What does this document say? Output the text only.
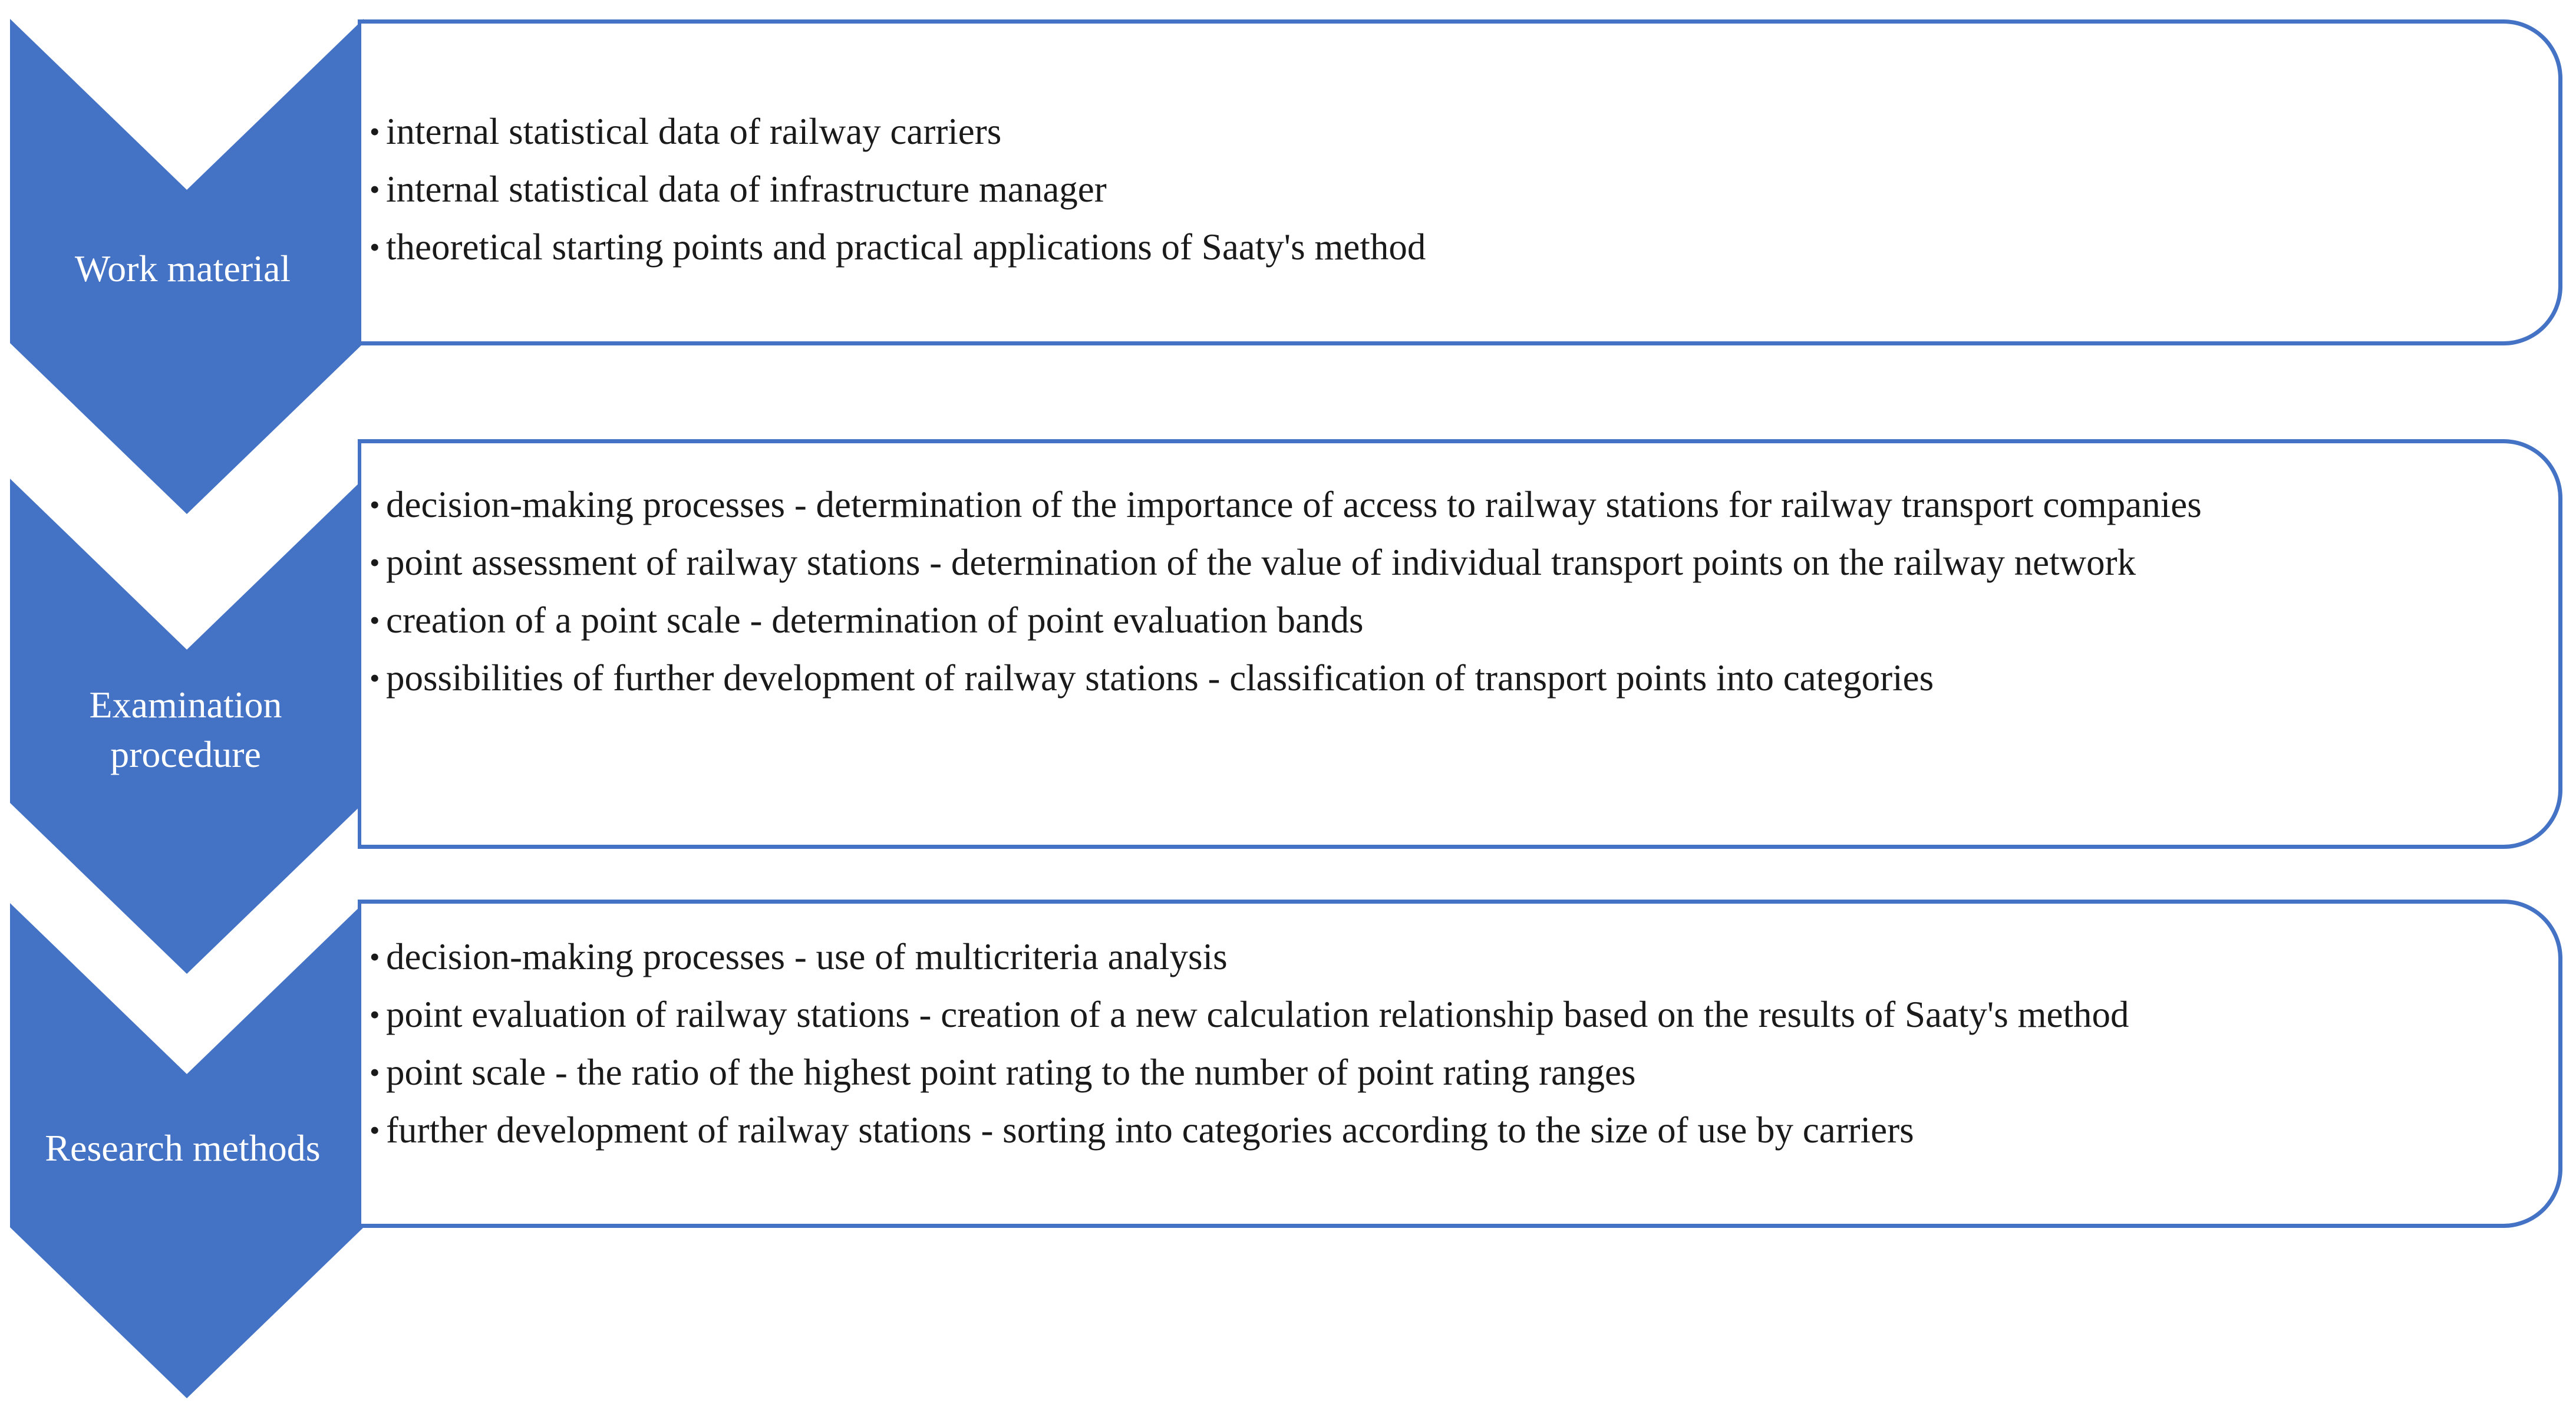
Work material
• internal statistical data of railway carriers
• internal statistical data of infrastructure manager
• theoretical starting points and practical applications of Saaty's method
Examination procedure
• decision-making processes - determination of the importance of access to railway stations for railway transport companies
• point assessment of railway stations - determination of the value of individual transport points on the railway network
• creation of a point scale - determination of point evaluation bands
• possibilities of further development of railway stations - classification of transport points into categories
Research methods
• decision-making processes - use of multicriteria analysis
• point evaluation of railway stations - creation of a new calculation relationship based on the results of Saaty's method
• point scale - the ratio of the highest point rating to the number of point rating ranges
• further development of railway stations - sorting into categories according to the size of use by carriers
